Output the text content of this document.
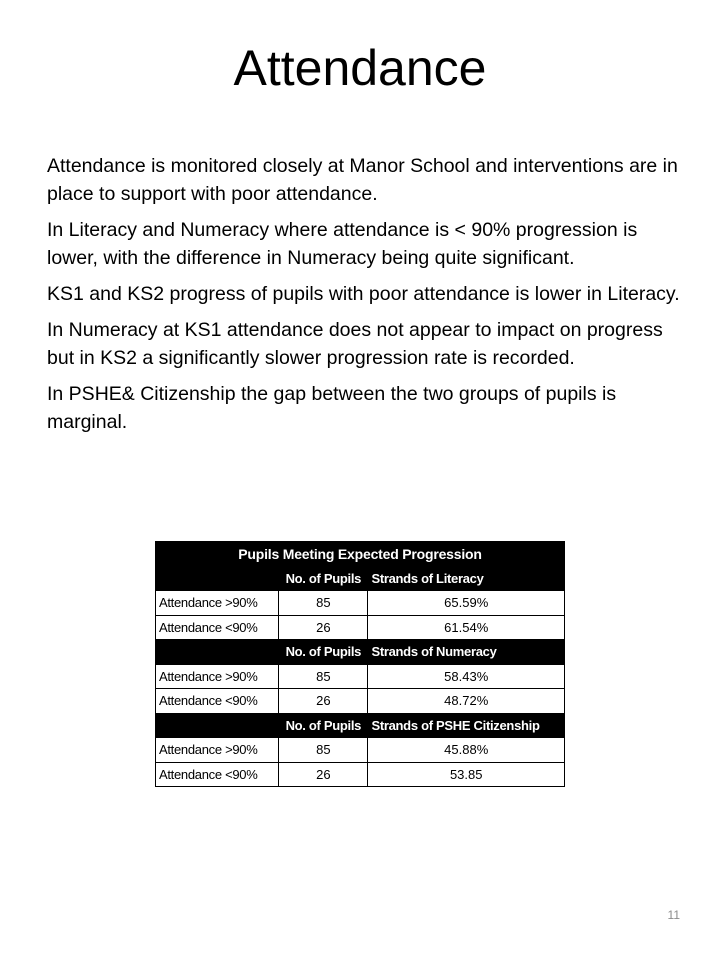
Attendance

Attendance is monitored closely at Manor School and interventions are in place to support with poor attendance.

In Literacy and Numeracy where attendance is < 90% progression is lower, with the difference in Numeracy being quite significant.

KS1 and KS2 progress of pupils with poor attendance is lower in Literacy.

In Numeracy at KS1 attendance does not appear to impact on progress but in KS2 a significantly slower progression rate is recorded.

In PSHE& Citizenship the gap between the two groups of pupils is marginal.

Pupils Meeting Expected Progression		
	No. of Pupils	Strands of Literacy
Attendance >90%	85	65.59%
Attendance <90%	26	61.54%
	No. of Pupils	Strands of Numeracy
Attendance >90%	85	58.43%
Attendance <90%	26	48.72%
	No. of Pupils	Strands of PSHE Citizenship
Attendance >90%	85	45.88%
Attendance <90%	26	53.85
11
